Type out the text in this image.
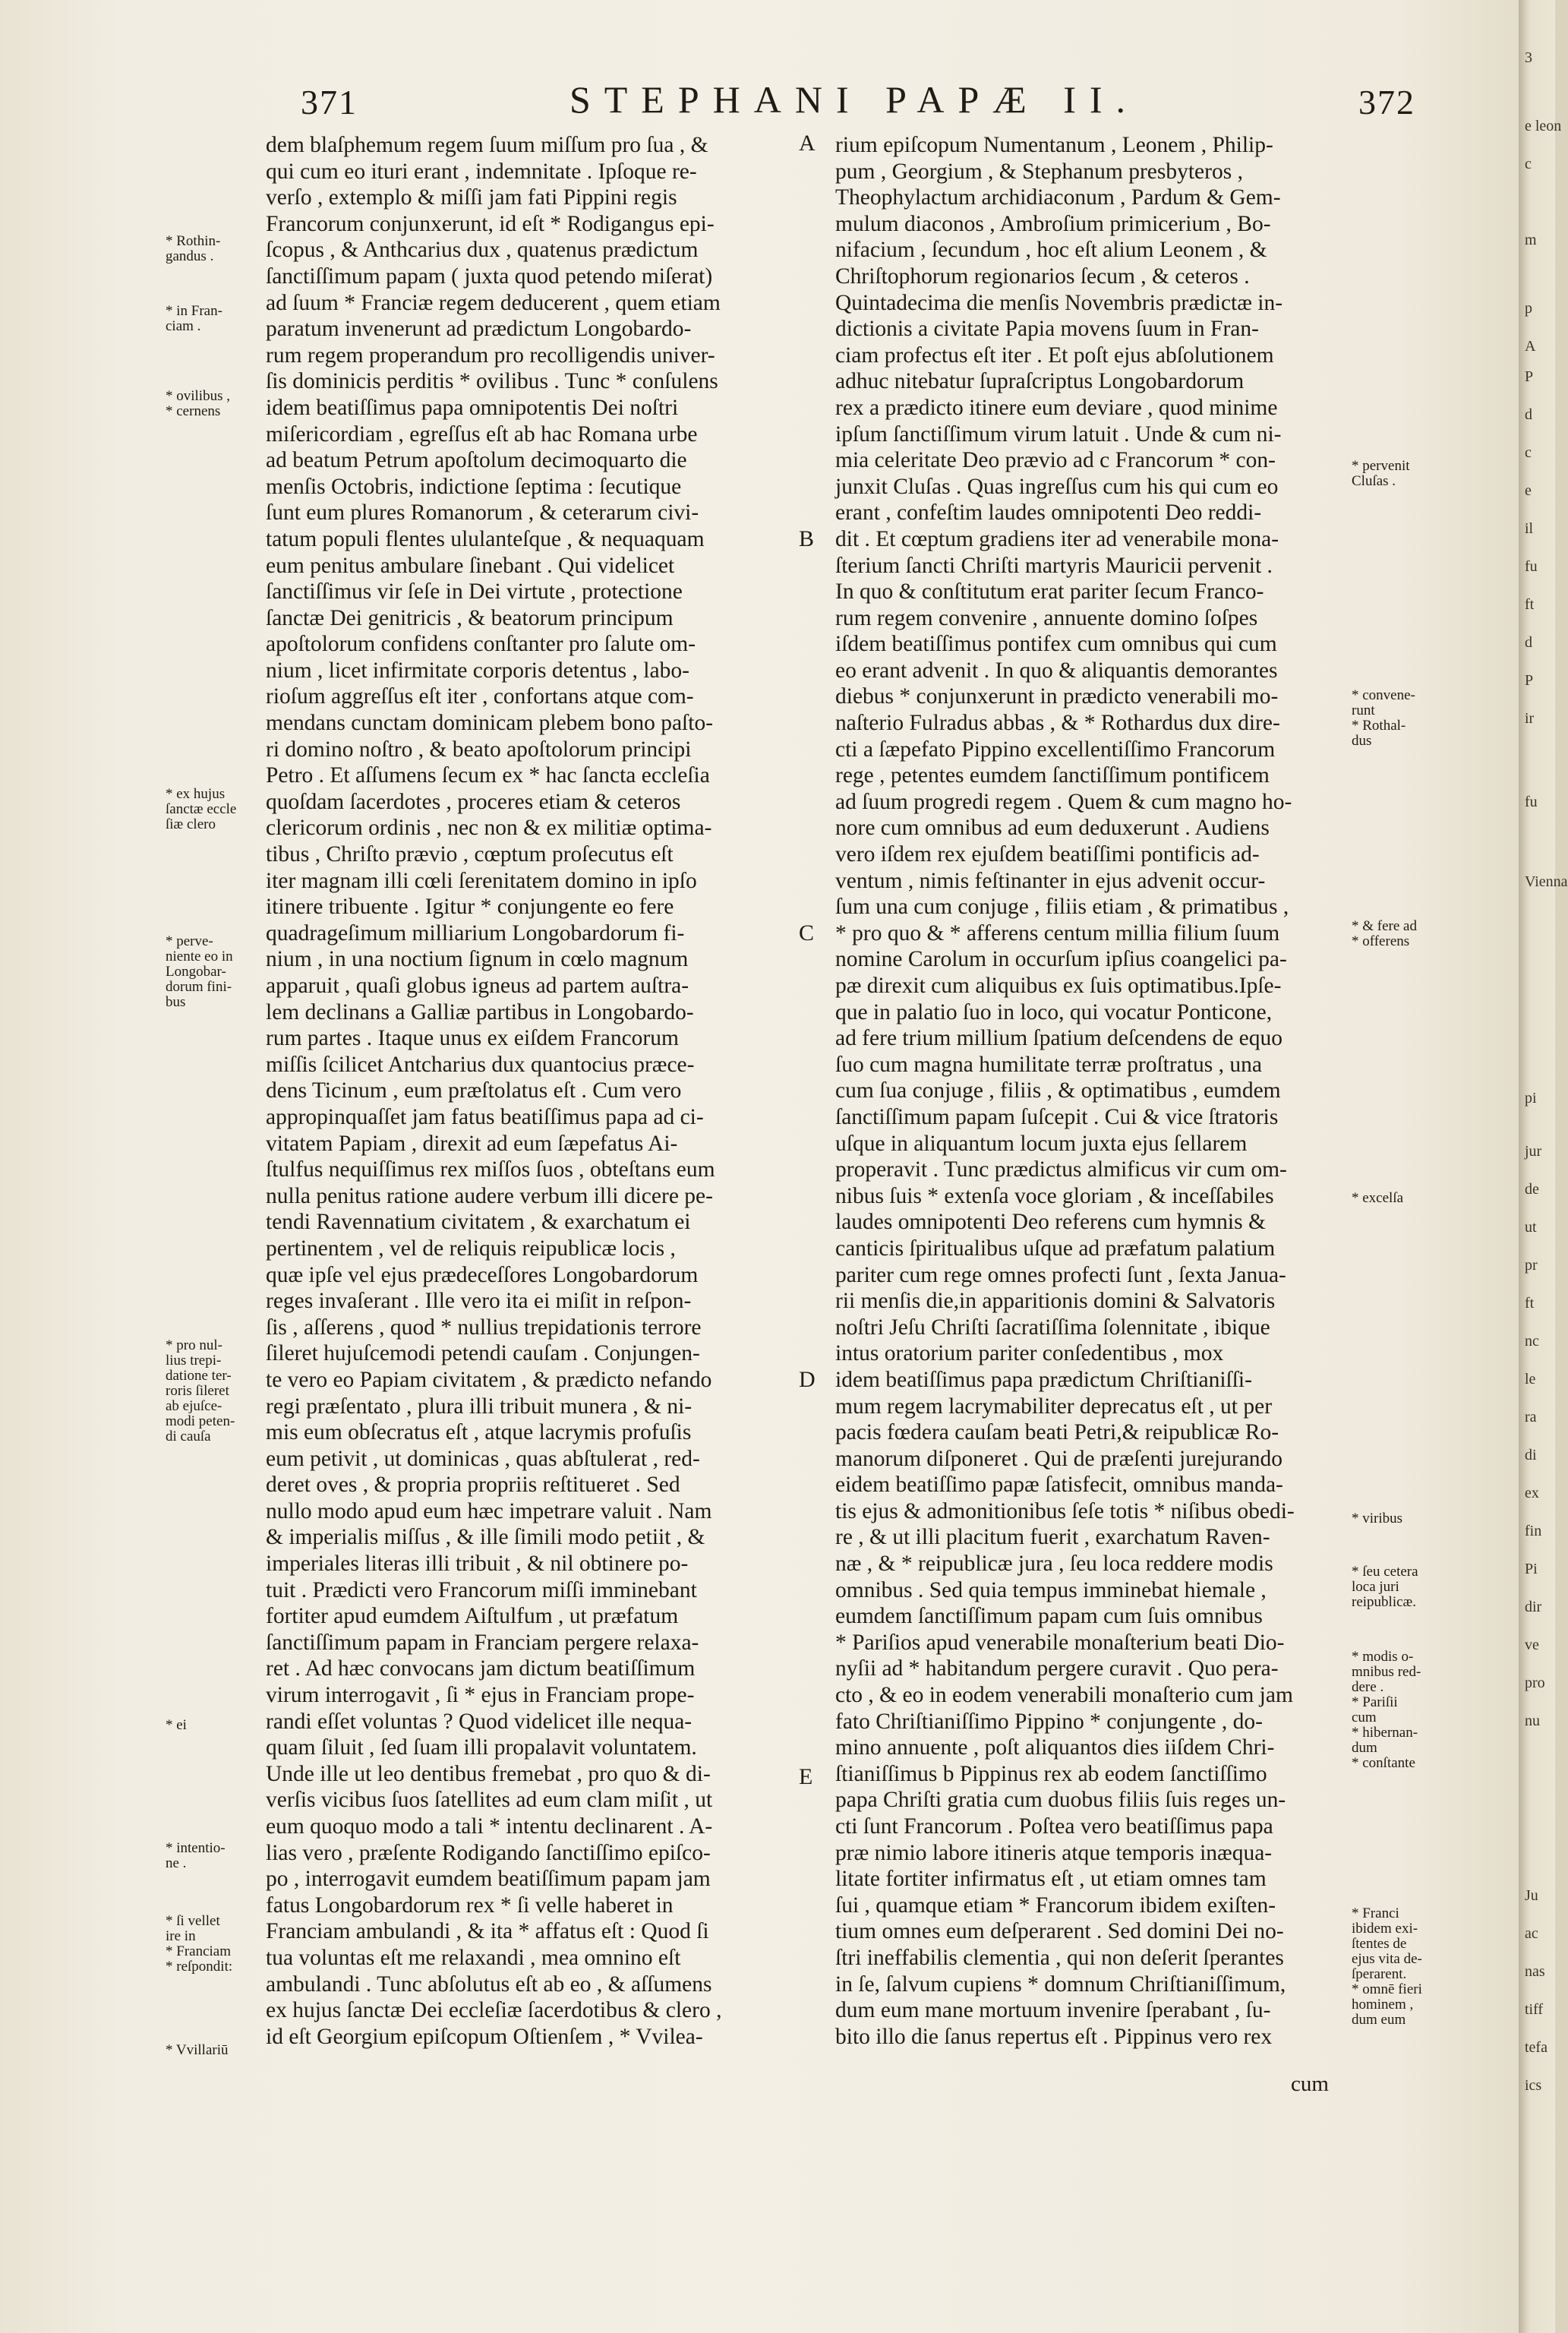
371	STEPHANI PAPÆ II.	372
dem blaſphemum regem ſuum miſſum pro ſua , &
qui cum eo ituri erant , indemnitate . Ipſoque re-
verſo , extemplo & miſſi jam fati Pippini regis
Francorum conjunxerunt, id eſt * Rodigangus epi-
ſcopus , & Anthcarius dux , quatenus prædictum
ſanctiſſimum papam ( juxta quod petendo miſerat)
ad ſuum * Franciæ regem deducerent , quem etiam
paratum invenerunt ad prædictum Longobardo-
rum regem properandum pro recolligendis univer-
ſis dominicis perditis * ovilibus . Tunc * conſulens
idem beatiſſimus papa omnipotentis Dei noſtri
miſericordiam , egreſſus eſt ab hac Romana urbe
ad beatum Petrum apoſtolum decimoquarto die
menſis Octobris, indictione ſeptima : ſecutique
ſunt eum plures Romanorum , & ceterarum civi-
tatum populi flentes ululanteſque , & nequaquam
eum penitus ambulare ſinebant . Qui videlicet
ſanctiſſimus vir ſeſe in Dei virtute , protectione
ſanctæ Dei genitricis , & beatorum principum
apoſtolorum confidens conſtanter pro ſalute om-
nium , licet infirmitate corporis detentus , labo-
rioſum aggreſſus eſt iter , confortans atque com-
mendans cunctam dominicam plebem bono paſto-
ri domino noſtro , & beato apoſtolorum principi
Petro . Et aſſumens ſecum ex * hac ſancta eccleſia
quoſdam ſacerdotes , proceres etiam & ceteros
clericorum ordinis , nec non & ex militiæ optima-
tibus , Chriſto prævio , cœptum proſecutus eſt
iter magnam illi cœli ſerenitatem domino in ipſo
itinere tribuente . Igitur * conjungente eo fere
quadrageſimum milliarium Longobardorum fi-
nium , in una noctium ſignum in cœlo magnum
apparuit , quaſi globus igneus ad partem auſtra-
lem declinans a Galliæ partibus in Longobardo-
rum partes . Itaque unus ex eiſdem Francorum
miſſis ſcilicet Antcharius dux quantocius præce-
dens Ticinum , eum præſtolatus eſt . Cum vero
appropinquaſſet jam fatus beatiſſimus papa ad ci-
vitatem Papiam , direxit ad eum ſæpefatus Ai-
ſtulfus nequiſſimus rex miſſos ſuos , obteſtans eum
nulla penitus ratione audere verbum illi dicere pe-
tendi Ravennatium civitatem , & exarchatum ei
pertinentem , vel de reliquis reipublicæ locis ,
quæ ipſe vel ejus prædeceſſores Longobardorum
reges invaſerant . Ille vero ita ei miſit in reſpon-
ſis , aſſerens , quod * nullius trepidationis terrore
ſileret hujuſcemodi petendi cauſam . Conjungen-
te vero eo Papiam civitatem , & prædicto nefando
regi præſentato , plura illi tribuit munera , & ni-
mis eum obſecratus eſt , atque lacrymis profuſis
eum petivit , ut dominicas , quas abſtulerat , red-
deret oves , & propria propriis reſtitueret . Sed
nullo modo apud eum hæc impetrare valuit . Nam
& imperialis miſſus , & ille ſimili modo petiit , &
imperiales literas illi tribuit , & nil obtinere po-
tuit . Prædicti vero Francorum miſſi imminebant
fortiter apud eumdem Aiſtulfum , ut præfatum
ſanctiſſimum papam in Franciam pergere relaxa-
ret . Ad hæc convocans jam dictum beatiſſimum
virum interrogavit , ſi * ejus in Franciam prope-
randi eſſet voluntas ? Quod videlicet ille nequa-
quam ſiluit , ſed ſuam illi propalavit voluntatem.
Unde ille ut leo dentibus fremebat , pro quo & di-
verſis vicibus ſuos ſatellites ad eum clam miſit , ut
eum quoquo modo a tali * intentu declinarent . A-
lias vero , præſente Rodigando ſanctiſſimo epiſco-
po , interrogavit eumdem beatiſſimum papam jam
fatus Longobardorum rex * ſi velle haberet in
Franciam ambulandi , & ita * affatus eſt : Quod ſi
tua voluntas eſt me relaxandi , mea omnino eſt
ambulandi . Tunc abſolutus eſt ab eo , & aſſumens
ex hujus ſanctæ Dei eccleſiæ ſacerdotibus & clero ,
id eſt Georgium epiſcopum Oſtienſem , * Vvilea-
rium epiſcopum Numentanum , Leonem , Philip-
pum , Georgium , & Stephanum presbyteros ,
Theophylactum archidiaconum , Pardum & Gem-
mulum diaconos , Ambroſium primicerium , Bo-
nifacium , ſecundum , hoc eſt alium Leonem , &
Chriſtophorum regionarios ſecum , & ceteros .
Quintadecima die menſis Novembris prædictæ in-
dictionis a civitate Papia movens ſuum in Fran-
ciam profectus eſt iter . Et poſt ejus abſolutionem
adhuc nitebatur ſupraſcriptus Longobardorum
rex a prædicto itinere eum deviare , quod minime
ipſum ſanctiſſimum virum latuit . Unde & cum ni-
mia celeritate Deo prævio ad c Francorum * con-
junxit Cluſas . Quas ingreſſus cum his qui cum eo
erant , confeſtim laudes omnipotenti Deo reddi-
dit . Et cœptum gradiens iter ad venerabile mona-
ſterium ſancti Chriſti martyris Mauricii pervenit .
In quo & conſtitutum erat pariter ſecum Franco-
rum regem convenire , annuente domino ſoſpes
iſdem beatiſſimus pontifex cum omnibus qui cum
eo erant advenit . In quo & aliquantis demorantes
diebus * conjunxerunt in prædicto venerabili mo-
naſterio Fulradus abbas , & * Rothardus dux dire-
cti a ſæpefato Pippino excellentiſſimo Francorum
rege , petentes eumdem ſanctiſſimum pontificem
ad ſuum progredi regem . Quem & cum magno ho-
nore cum omnibus ad eum deduxerunt . Audiens
vero iſdem rex ejuſdem beatiſſimi pontificis ad-
ventum , nimis feſtinanter in ejus advenit occur-
ſum una cum conjuge , filiis etiam , & primatibus ,
* pro quo & * afferens centum millia filium ſuum
nomine Carolum in occurſum ipſius coangelici pa-
pæ direxit cum aliquibus ex ſuis optimatibus.Ipſe-
que in palatio ſuo in loco, qui vocatur Ponticone,
ad fere trium millium ſpatium deſcendens de equo
ſuo cum magna humilitate terræ proſtratus , una
cum ſua conjuge , filiis , & optimatibus , eumdem
ſanctiſſimum papam ſuſcepit . Cui & vice ſtratoris
uſque in aliquantum locum juxta ejus ſellarem
properavit . Tunc prædictus almificus vir cum om-
nibus ſuis * extenſa voce gloriam , & inceſſabiles
laudes omnipotenti Deo referens cum hymnis &
canticis ſpiritualibus uſque ad præfatum palatium
pariter cum rege omnes profecti ſunt , ſexta Janua-
rii menſis die,in apparitionis domini & Salvatoris
noſtri Jeſu Chriſti ſacratiſſima ſolennitate , ibique
intus oratorium pariter conſedentibus , mox
idem beatiſſimus papa prædictum Chriſtianiſſi-
mum regem lacrymabiliter deprecatus eſt , ut per
pacis fœdera cauſam beati Petri,& reipublicæ Ro-
manorum diſponeret . Qui de præſenti jurejurando
eidem beatiſſimo papæ ſatisfecit, omnibus manda-
tis ejus & admonitionibus ſeſe totis * niſibus obedi-
re , & ut illi placitum fuerit , exarchatum Raven-
næ , & * reipublicæ jura , ſeu loca reddere modis
omnibus . Sed quia tempus imminebat hiemale ,
eumdem ſanctiſſimum papam cum ſuis omnibus
* Pariſios apud venerabile monaſterium beati Dio-
nyſii ad * habitandum pergere curavit . Quo pera-
cto , & eo in eodem venerabili monaſterio cum jam
fato Chriſtianiſſimo Pippino * conjungente , do-
mino annuente , poſt aliquantos dies iiſdem Chri-
ſtianiſſimus b Pippinus rex ab eodem ſanctiſſimo
papa Chriſti gratia cum duobus filiis ſuis reges un-
cti ſunt Francorum . Poſtea vero beatiſſimus papa
præ nimio labore itineris atque temporis inæqua-
litate fortiter infirmatus eſt , ut etiam omnes tam
ſui , quamque etiam * Francorum ibidem exiſten-
tium omnes eum deſperarent . Sed domini Dei no-
ſtri ineffabilis clementia , qui non deſerit ſperantes
in ſe, ſalvum cupiens * domnum Chriſtianiſſimum,
dum eum mane mortuum invenire ſperabant , ſu-
bito illo die ſanus repertus eſt . Pippinus vero rex
A
B
C
D
E
* Rothin-
gandus .
* in Fran-
ciam .
* ovilibus ,
* cernens
* ex hujus
ſanctæ eccle
ſiæ clero
* perve-
niente eo in
Longobar-
dorum fini-
bus
* pro nul-
lius trepi-
datione ter-
roris ſileret
ab ejuſce-
modi peten-
di cauſa
* ei
* intentio-
ne .
* ſi vellet
ire in
* Franciam
* reſpondit:
* Vvillariū
* pervenit
Cluſas .
* convene-
runt
* Rothal-
dus
* & fere ad
* offerens
* excelſa
* viribus
* ſeu cetera
loca juri
reipublicæ.
* modis o-
mnibus red-
dere .
* Pariſii
cum
* hibernan-
dum
* conſtante
* Franci
ibidem exi-
ſtentes de
ejus vita de-
ſperarent.
* omnē fieri
hominem ,
dum eum
cum
3
e leon
c
m
p
A
P
d
c
e
il
fu
ft
d
P
ir
fu
Vienna
pi
jur
de
ut
pr
ft
nc
le
ra
di
ex
fin
Pi
dir
ve
pro
nu
Ju
ac
nas
tiff
tefa
ics
